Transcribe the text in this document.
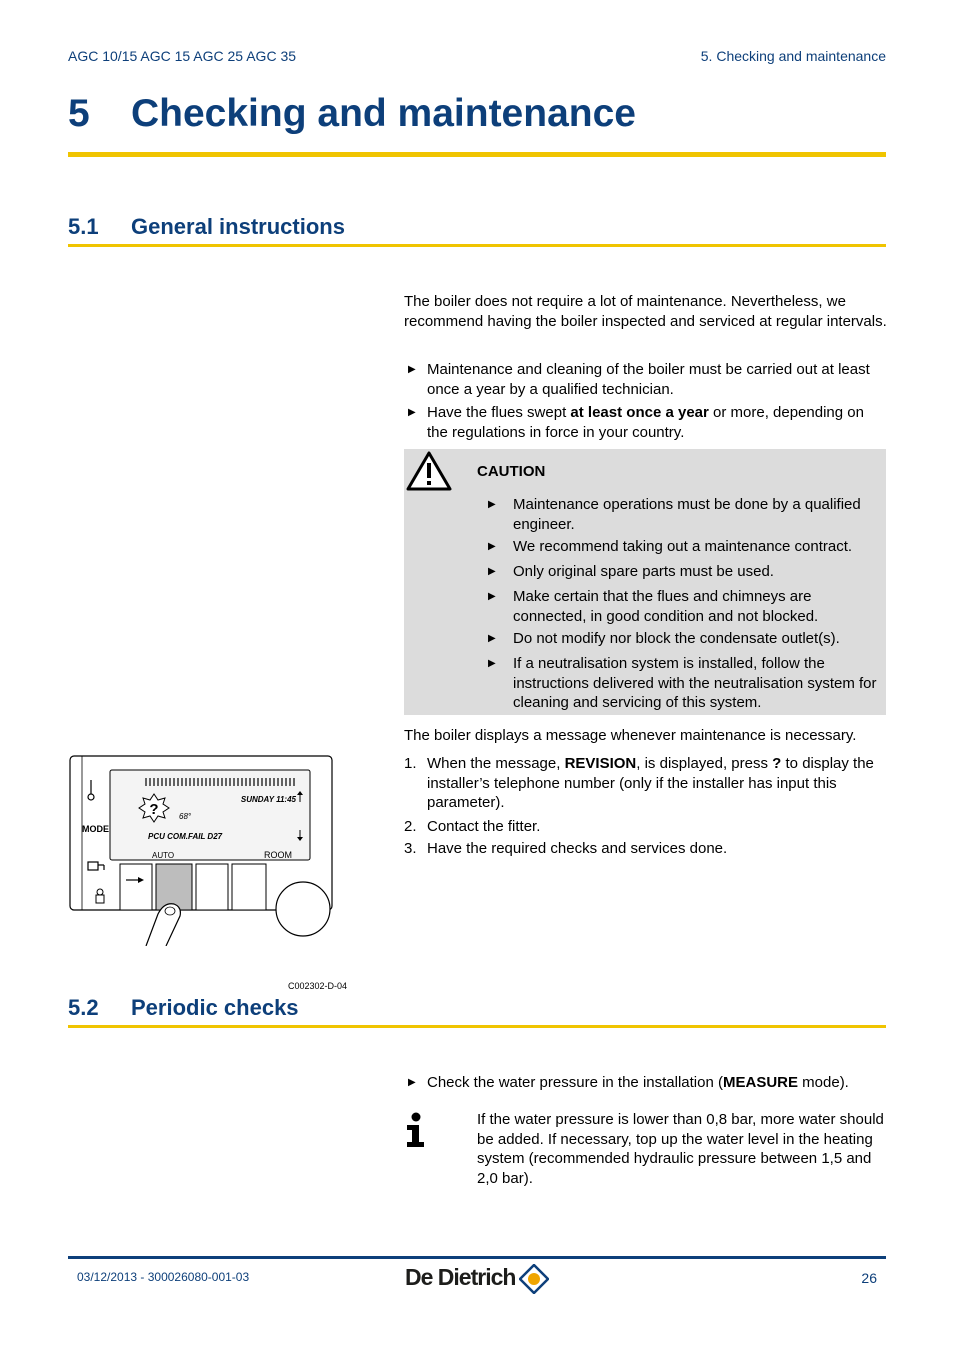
AGC 10/15 AGC 15 AGC 25 AGC 35	5. Checking and maintenance
5 Checking and maintenance
5.1 General instructions
The boiler does not require a lot of maintenance. Nevertheless, we recommend having the boiler inspected and serviced at regular intervals.
▶ Maintenance and cleaning of the boiler must be carried out at least once a year by a qualified technician.
▶ Have the flues swept at least once a year or more, depending on the regulations in force in your country.
CAUTION
▶ Maintenance operations must be done by a qualified engineer.
▶ We recommend taking out a maintenance contract.
▶ Only original spare parts must be used.
▶ Make certain that the flues and chimneys are connected, in good condition and not blocked.
▶ Do not modify nor block the condensate outlet(s).
▶ If a neutralisation system is installed, follow the instructions delivered with the neutralisation system for cleaning and servicing of this system.
The boiler displays a message whenever maintenance is necessary.
1. When the message, REVISION, is displayed, press ? to display the installer’s telephone number (only if the installer has input this parameter).
2. Contact the fitter.
3. Have the required checks and services done.
SUNDAY 11:45
68°
PCU COM.FAIL D27
AUTO	ROOM
?
MODE
C002302-D-04
5.2 Periodic checks
▶ Check the water pressure in the installation (MEASURE mode).
If the water pressure is lower than 0,8 bar, more water should be added. If necessary, top up the water level in the heating system (recommended hydraulic pressure between 1,5 and 2,0 bar).
03/12/2013 - 300026080-001-03	De Dietrich	26
